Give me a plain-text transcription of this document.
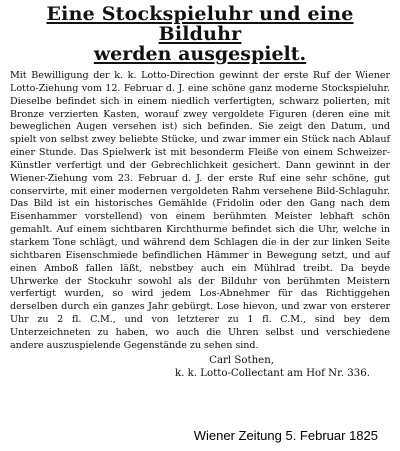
Eine Stockspieluhr und eine Bilduhr
werden ausgespielt.

Mit Bewilligung der k. k. Lotto-Direction gewinnt der erste Ruf der Wiener Lotto-Ziehung vom 12. Februar d. J. eine schöne ganz moderne Stockspieluhr. Dieselbe befindet sich in einem niedlich verfertigten, schwarz polierten, mit Bronze verzierten Kasten, worauf zwey vergoldete Figuren (deren eine mit beweglichen Augen versehen ist) sich befinden. Sie zeigt den Datum, und spielt von selbst zwey beliebte Stücke, und zwar immer ein Stück nach Ablauf einer Stunde. Das Spielwerk ist mit besonderm Fleiße von einem Schweizer-Künstler verfertigt und der Gebrechlichkeit gesichert. Dann gewinnt in der Wiener-Ziehung vom 23. Februar d. J. der erste Ruf eine sehr schöne, gut conservirte, mit einer modernen vergoldeten Rahm versehene Bild-Schlaguhr. Das Bild ist ein historisches Gemählde (Fridolin oder den Gang nach dem Eisenhammer vorstellend) von einem berühmten Meister lebhaft schön gemahlt. Auf einem sichtbaren Kirchthurme befindet sich die Uhr, welche in starkem Tone schlägt, und während dem Schlagen die in der zur linken Seite sichtbaren Eisenschmiede befindlichen Hämmer in Bewegung setzt, und auf einen Amboß fallen läßt, nebstbey auch ein Mühlrad treibt. Da beyde Uhrwerke der Stockuhr sowohl als der Bilduhr von berühmten Meistern verfertigt wurden, so wird jedem Los-Abnehmer für das Richtiggehen derselben durch ein ganzes Jahr gebürgt. Lose hievon, und zwar von ersterer Uhr zu 2 fl. C.M., und von letzterer zu 1 fl. C.M., sind bey dem Unterzeichneten zu haben, wo auch die Uhren selbst und verschiedene andere auszuspielende Gegenstände zu sehen sind.

Carl Sothen,
k. k. Lotto-Collectant am Hof Nr. 336.
Wiener Zeitung 5. Februar 1825
